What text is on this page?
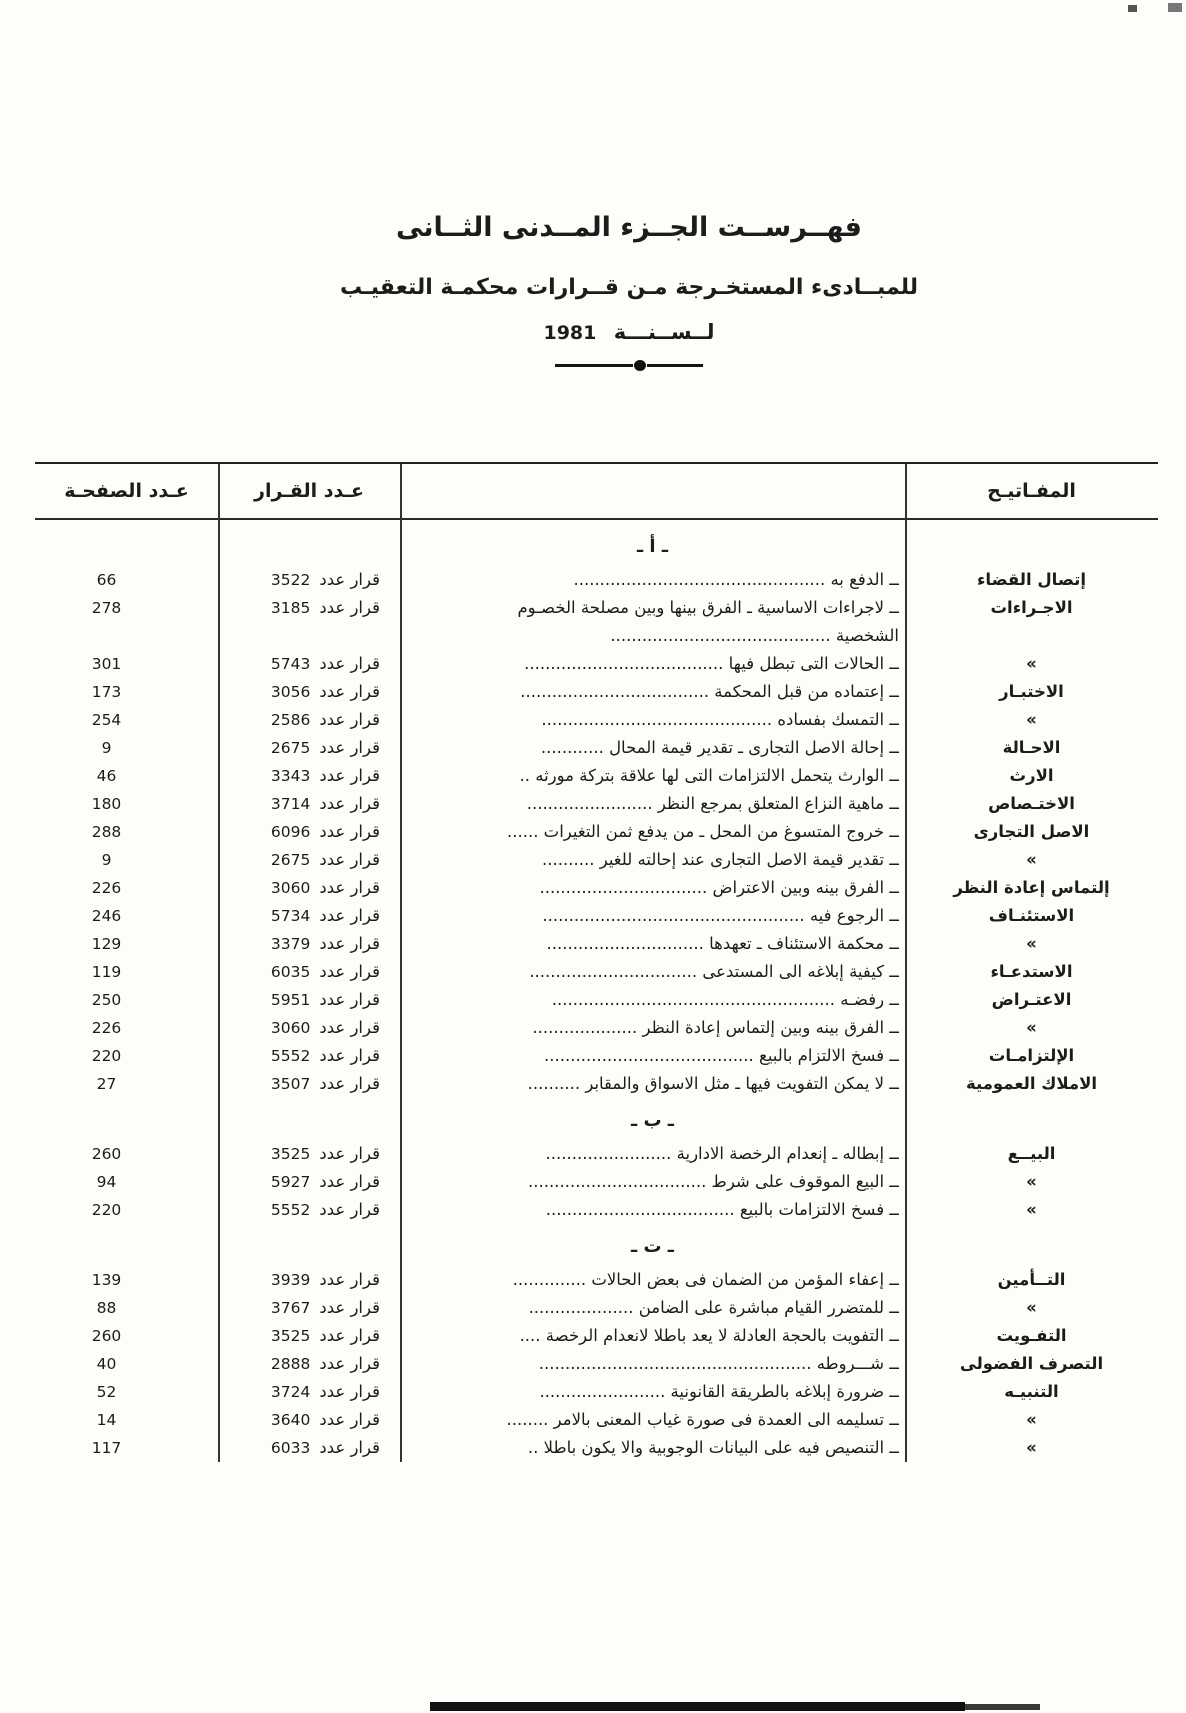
فهــرســت الجــزء المــدنى الثــانى
للمبــادىء المستخـرجة مـن قــرارات محكمـة التعقيـب
لــســنـــة 1981
المفـاتيـح
عـدد القـرار
عـدد الصفحـة
ـ أ ـ
إتصال القضاء
ــ الدفع به ................................................
قرار عدد
3522
66
الاجـراءات
ــ لاجراءات الاساسية ـ الفرق بينها وبين مصلحة الخصـوم
الشخصية ..........................................
قرار عدد
3185
278
»
ــ الحالات التى تبطل فيها ......................................
قرار عدد
5743
301
الاختبـار
ــ إعتماده من قبل المحكمة ....................................
قرار عدد
3056
173
»
ــ التمسك بفساده ............................................
قرار عدد
2586
254
الاحـالة
ــ إحالة الاصل التجارى ـ تقدير قيمة المحال ............
قرار عدد
2675
9
الارث
ــ الوارث يتحمل الالتزامات التى لها علاقة بتركة مورثه ..
قرار عدد
3343
46
الاختـصاص
ــ ماهية النزاع المتعلق بمرجع النظر ........................
قرار عدد
3714
180
الاصل التجارى
ــ خروج المتسوغ من المحل ـ من يدفع ثمن التغيرات ......
قرار عدد
6096
288
»
ــ تقدير قيمة الاصل التجارى عند إحالته للغير ..........
قرار عدد
2675
9
إلتماس إعادة النظر
ــ الفرق بينه وبين الاعتراض ................................
قرار عدد
3060
226
الاستئنـاف
ــ الرجوع فيه ..................................................
قرار عدد
5734
246
»
ــ محكمة الاستئناف ـ تعهدها ..............................
قرار عدد
3379
129
الاستدعـاء
ــ كيفية إبلاغه الى المستدعى ................................
قرار عدد
6035
119
الاعتـراض
ــ رفضـه ......................................................
قرار عدد
5951
250
»
ــ الفرق بينه وبين إلتماس إعادة النظر ....................
قرار عدد
3060
226
الإلتزامـات
ــ فسخ الالتزام بالبيع ........................................
قرار عدد
5552
220
الاملاك العمومية
ــ لا يمكن التفويت فيها ـ مثل الاسواق والمقابر ..........
قرار عدد
3507
27
ـ ب ـ
البيــع
ــ إبطاله ـ إنعدام الرخصة الادارية ........................
قرار عدد
3525
260
»
ــ البيع الموقوف على شرط ..................................
قرار عدد
5927
94
»
ــ فسخ الالتزامات بالبيع ....................................
قرار عدد
5552
220
ـ ت ـ
التــأمين
ــ إعفاء المؤمن من الضمان فى بعض الحالات ..............
قرار عدد
3939
139
»
ــ للمتضرر القيام مباشرة على الضامن ....................
قرار عدد
3767
88
التفـويت
ــ التفويت بالحجة العادلة لا يعد باطلا لانعدام الرخصة ....
قرار عدد
3525
260
التصرف الفضولى
ــ شـــروطه ....................................................
قرار عدد
2888
40
التنبيـه
ــ ضرورة إبلاغه بالطريقة القانونية ........................
قرار عدد
3724
52
»
ــ تسليمه الى العمدة فى صورة غياب المعنى بالامر ........
قرار عدد
3640
14
»
ــ التنصيص فيه على البيانات الوجوبية والا يكون باطلا ..
قرار عدد
6033
117
